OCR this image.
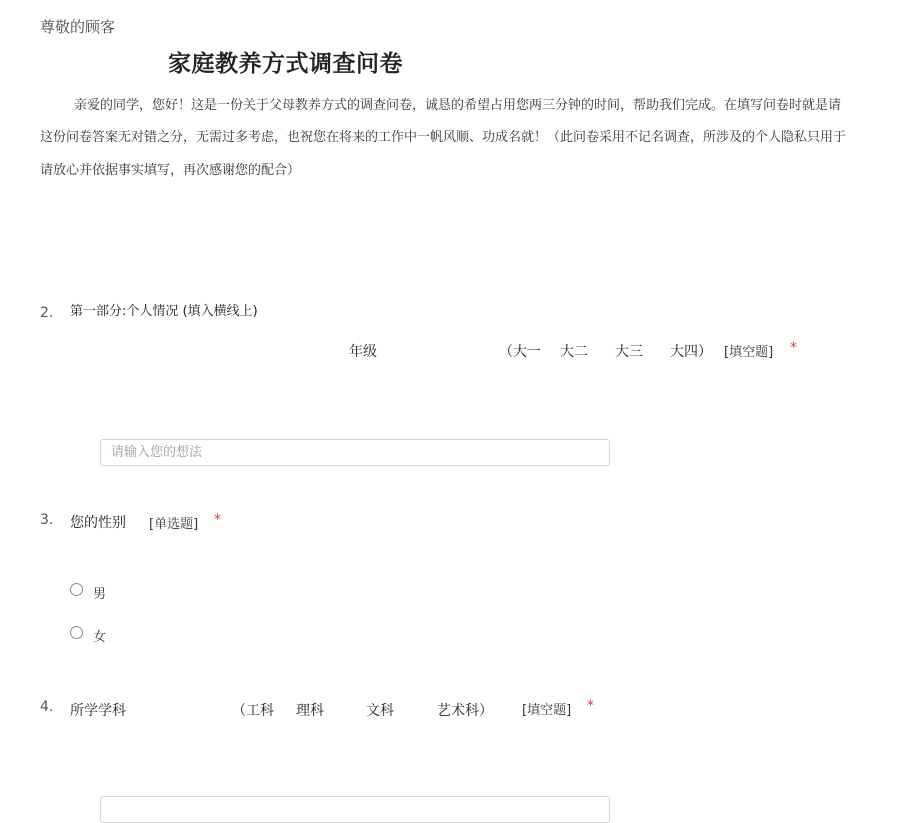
尊敬的顾客
家庭教养方式调查问卷
亲爱的同学，您好！这是一份关于父母教养方式的调查问卷，诚恳的希望占用您两三分钟的时间，帮助我们完成。在填写问卷时就是请
这份问卷答案无对错之分，无需过多考虑，也祝您在将来的工作中一帆风顺、功成名就！（此问卷采用不记名调查，所涉及的个人隐私只用于
请放心并依据事实填写，再次感谢您的配合）
2. 第一部分:个人情况 (填入横线上)
年级	（大一 大二 大三 大四） [填空题] *
请输入您的想法
3. 您的性别 [单选题] *
男
女
4. 所学学科	（工科 理科	文科	艺术科） [填空题] *
